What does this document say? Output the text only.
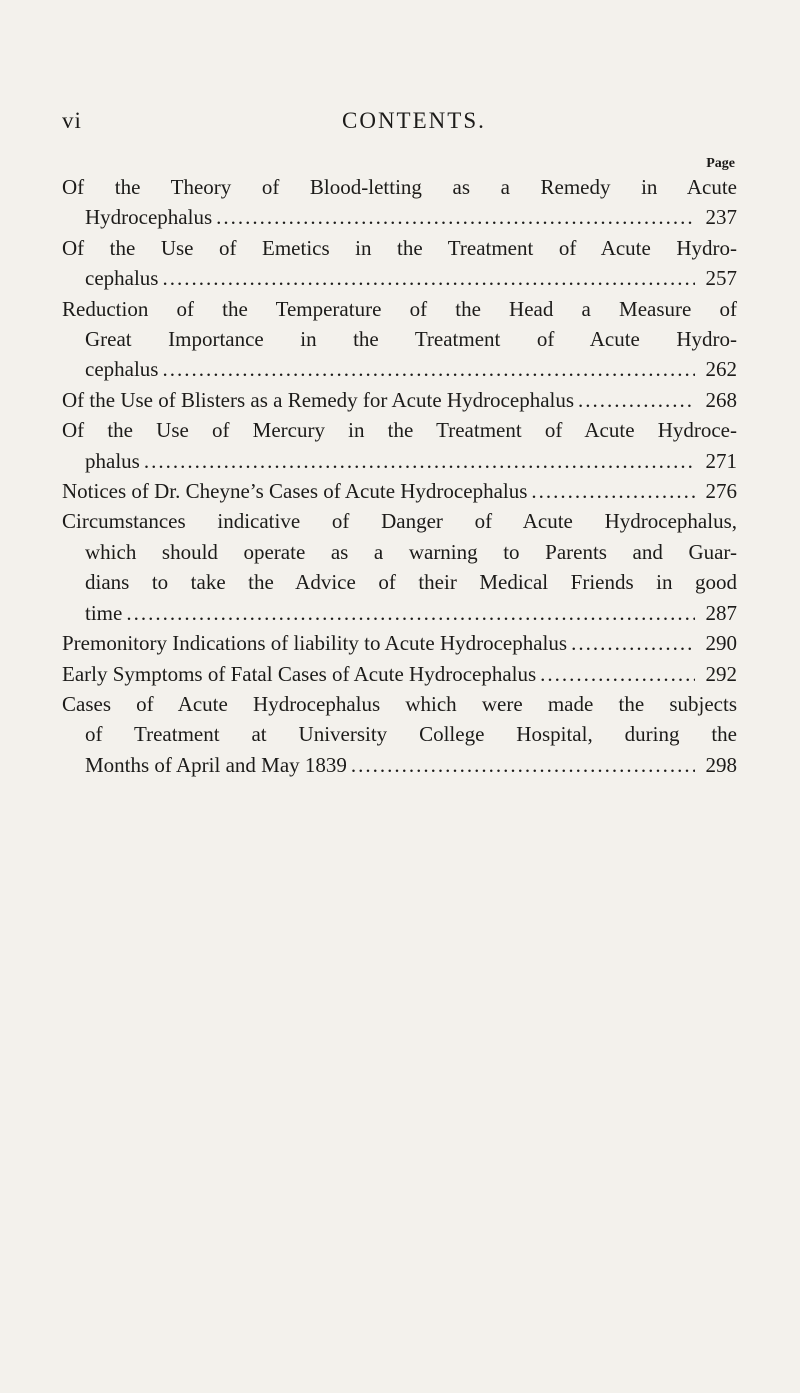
vi	CONTENTS.
Page
Of the Theory of Blood-letting as a Remedy in Acute
Hydrocephalus .....	237
Of the Use of Emetics in the Treatment of Acute Hydro-
cephalus .....	257
Reduction of the Temperature of the Head a Measure of
Great Importance in the Treatment of Acute Hydro-
cephalus .....	262
Of the Use of Blisters as a Remedy for Acute Hydrocephalus .....	268
Of the Use of Mercury in the Treatment of Acute Hydroce-
phalus .....	271
Notices of Dr. Cheyne’s Cases of Acute Hydrocephalus .....	276
Circumstances indicative of Danger of Acute Hydrocephalus,
which should operate as a warning to Parents and Guar-
dians to take the Advice of their Medical Friends in good
time .....	287
Premonitory Indications of liability to Acute Hydrocephalus .....	290
Early Symptoms of Fatal Cases of Acute Hydrocephalus .....	292
Cases of Acute Hydrocephalus which were made the subjects
of Treatment at University College Hospital, during the
Months of April and May 1839 .....	298
